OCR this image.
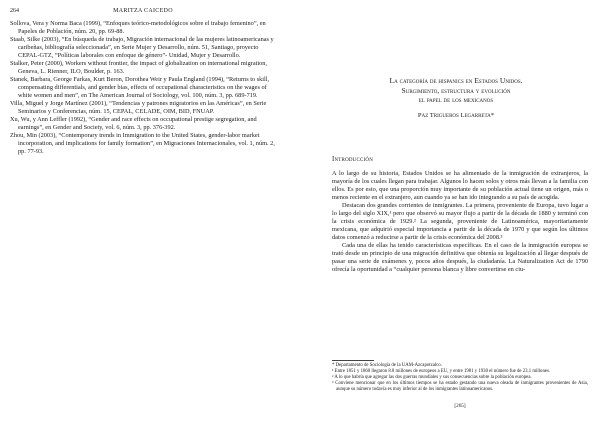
264	MARITZA CAICEDO
Sollova, Vera y Norma Baca (1999), “Enfoques teórico-metodológicos sobre el trabajo femenino”, en Papeles de Población, núm. 20, pp. 69-88.
Staab, Silke (2003), “En búsqueda de trabajo, Migración internacional de las mujeres latinoamericanas y caribeñas, bibliografía seleccionada”, en Serie Mujer y Desarrollo, núm. 51, Santiago, proyecto CEPAL-GTZ, “Políticas laborales con enfoque de género”- Unidad, Mujer y Desarrollo.
Stalker, Peter (2000), Workers without frontier, the impact of globalization on international migration, Geneva, L. Rienner, ILO, Boulder, p. 163.
Stanek, Barbara, George Farkas, Kurt Beron, Dorothea Weir y Paula England (1994), “Returns to skill, compensating differentials, and gender bias, effects of occupational characteristics on the wages of white women and men”, en The American Journal of Sociology, vol. 100, núm. 3, pp. 689-719.
Villa, Miguel y Jorge Martínez (2001), “Tendencias y patrones migratorios en las Américas”, en Serie Seminarios y Conferencias, núm. 15, CEPAL, CELADE, OIM, BID, FNUAP.
Xu, Wu, y Ann Leffler (1992), “Gender and race effects on occupational prestige segregation, and earnings”, en Gender and Society, vol. 6, núm. 3, pp. 376-392.
Zhou, Min (2003), “Contemporary trends in Immigration to the United States, gender-labor market incorporation, and implications for family formation”, en Migraciones Internacionales, vol. 1, núm. 2, pp. 77-93.
La categoría de hispanics en Estados Unidos.
Surgimiento, estructura y evolución
el papel de los mexicanos
Paz Trigueros Legarreta*
Introducción

A lo largo de su historia, Estados Unidos se ha alimentado de la inmigración de extranjeros, la mayoría de los cuales llegan para trabajar. Algunos lo hacen solos y otros más llevan a la familia con ellos. Es por esto, que una proporción muy importante de su población actual tiene un origen, más o menos reciente en el extranjero, aun cuando ya se han ido integrando a su país de acogida.

Destacan dos grandes corrientes de inmigrantes. La primera, proveniente de Europa, tuvo lugar a lo largo del siglo XIX,¹ pero que observó su mayor flujo a partir de la década de 1880 y terminó con la crisis económica de 1929.² La segunda, proveniente de Latinoamérica, mayoritariamente mexicana, que adquirió especial importancia a partir de la década de 1970 y que según los últimos datos comenzó a reducirse a partir de la crisis económica del 2008.³

Cada una de ellas ha tenido características específicas. En el caso de la inmigración europea se trató desde un principio de una migración definitiva que obtenía su legalización al llegar después de pasar una serie de exámenes y, pocos años después, la ciudadanía. La Naturalization Act de 1790 ofrecía la oportunidad a “cualquier persona blanca y libre convertirse en ciu-

* Departamento de Sociología de la UAM-Azcapotzalco.
¹ Entre 1851 y 1860 llegaron 8.8 millones de europeos a EU, y entre 1981 y 1930 el número fue de 23.1 millones.
² A lo que habría que agregar las dos guerras mundiales y sus consecuencias sobre la población europea.
³ Conviene mencionar que en los últimos tiempos se ha estado gestando una nueva oleada de inmigrantes provenientes de Asia, aunque su número todavía es muy inferior al de los inmigrantes latinoamericanos.
[265]
